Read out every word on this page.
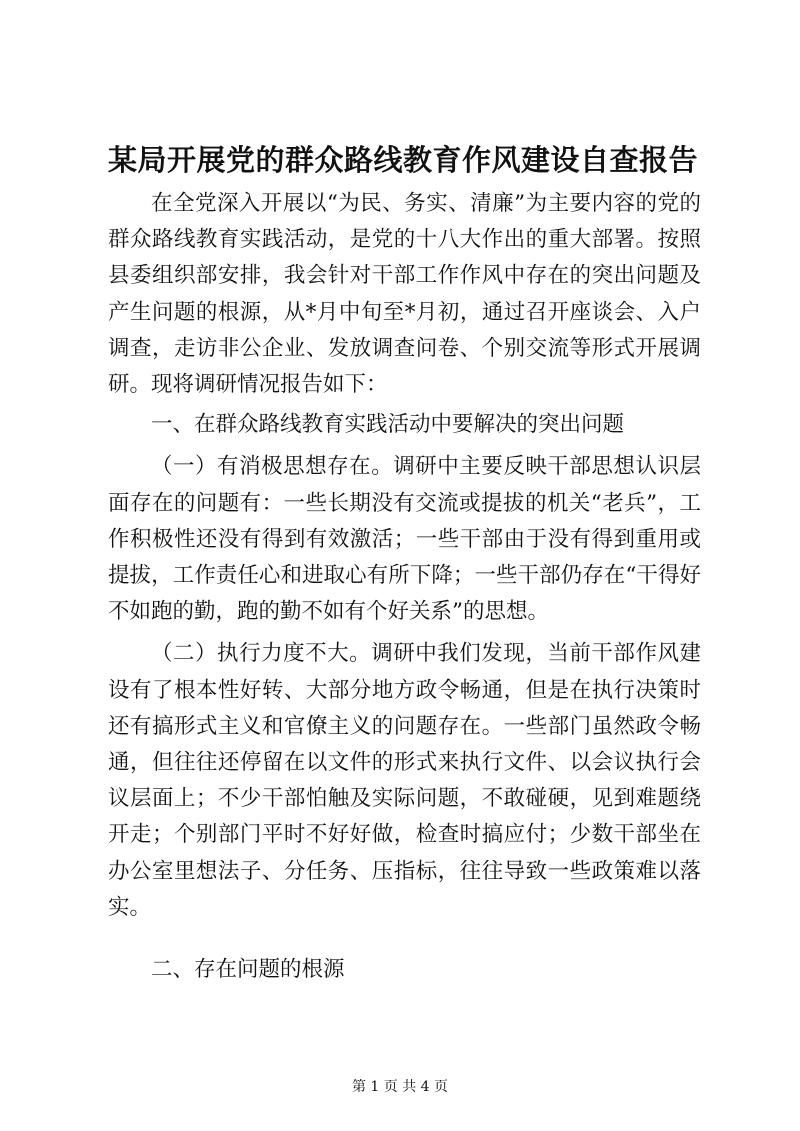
某局开展党的群众路线教育作风建设自查报告

在全党深入开展以“为民、务实、清廉”为主要内容的党的群众路线教育实践活动，是党的十八大作出的重大部署。按照县委组织部安排，我会针对干部工作作风中存在的突出问题及产生问题的根源，从*月中旬至*月初，通过召开座谈会、入户调查，走访非公企业、发放调查问卷、个别交流等形式开展调研。现将调研情况报告如下：

一、在群众路线教育实践活动中要解决的突出问题

（一）有消极思想存在。调研中主要反映干部思想认识层面存在的问题有：一些长期没有交流或提拔的机关“老兵”，工作积极性还没有得到有效激活；一些干部由于没有得到重用或提拔，工作责任心和进取心有所下降；一些干部仍存在“干得好不如跑的勤，跑的勤不如有个好关系”的思想。

（二）执行力度不大。调研中我们发现，当前干部作风建设有了根本性好转、大部分地方政令畅通，但是在执行决策时还有搞形式主义和官僚主义的问题存在。一些部门虽然政令畅通，但往往还停留在以文件的形式来执行文件、以会议执行会议层面上；不少干部怕触及实际问题，不敢碰硬，见到难题绕开走；个别部门平时不好好做，检查时搞应付；少数干部坐在办公室里想法子、分任务、压指标，往往导致一些政策难以落实。

二、存在问题的根源

第 1 页 共 4 页
